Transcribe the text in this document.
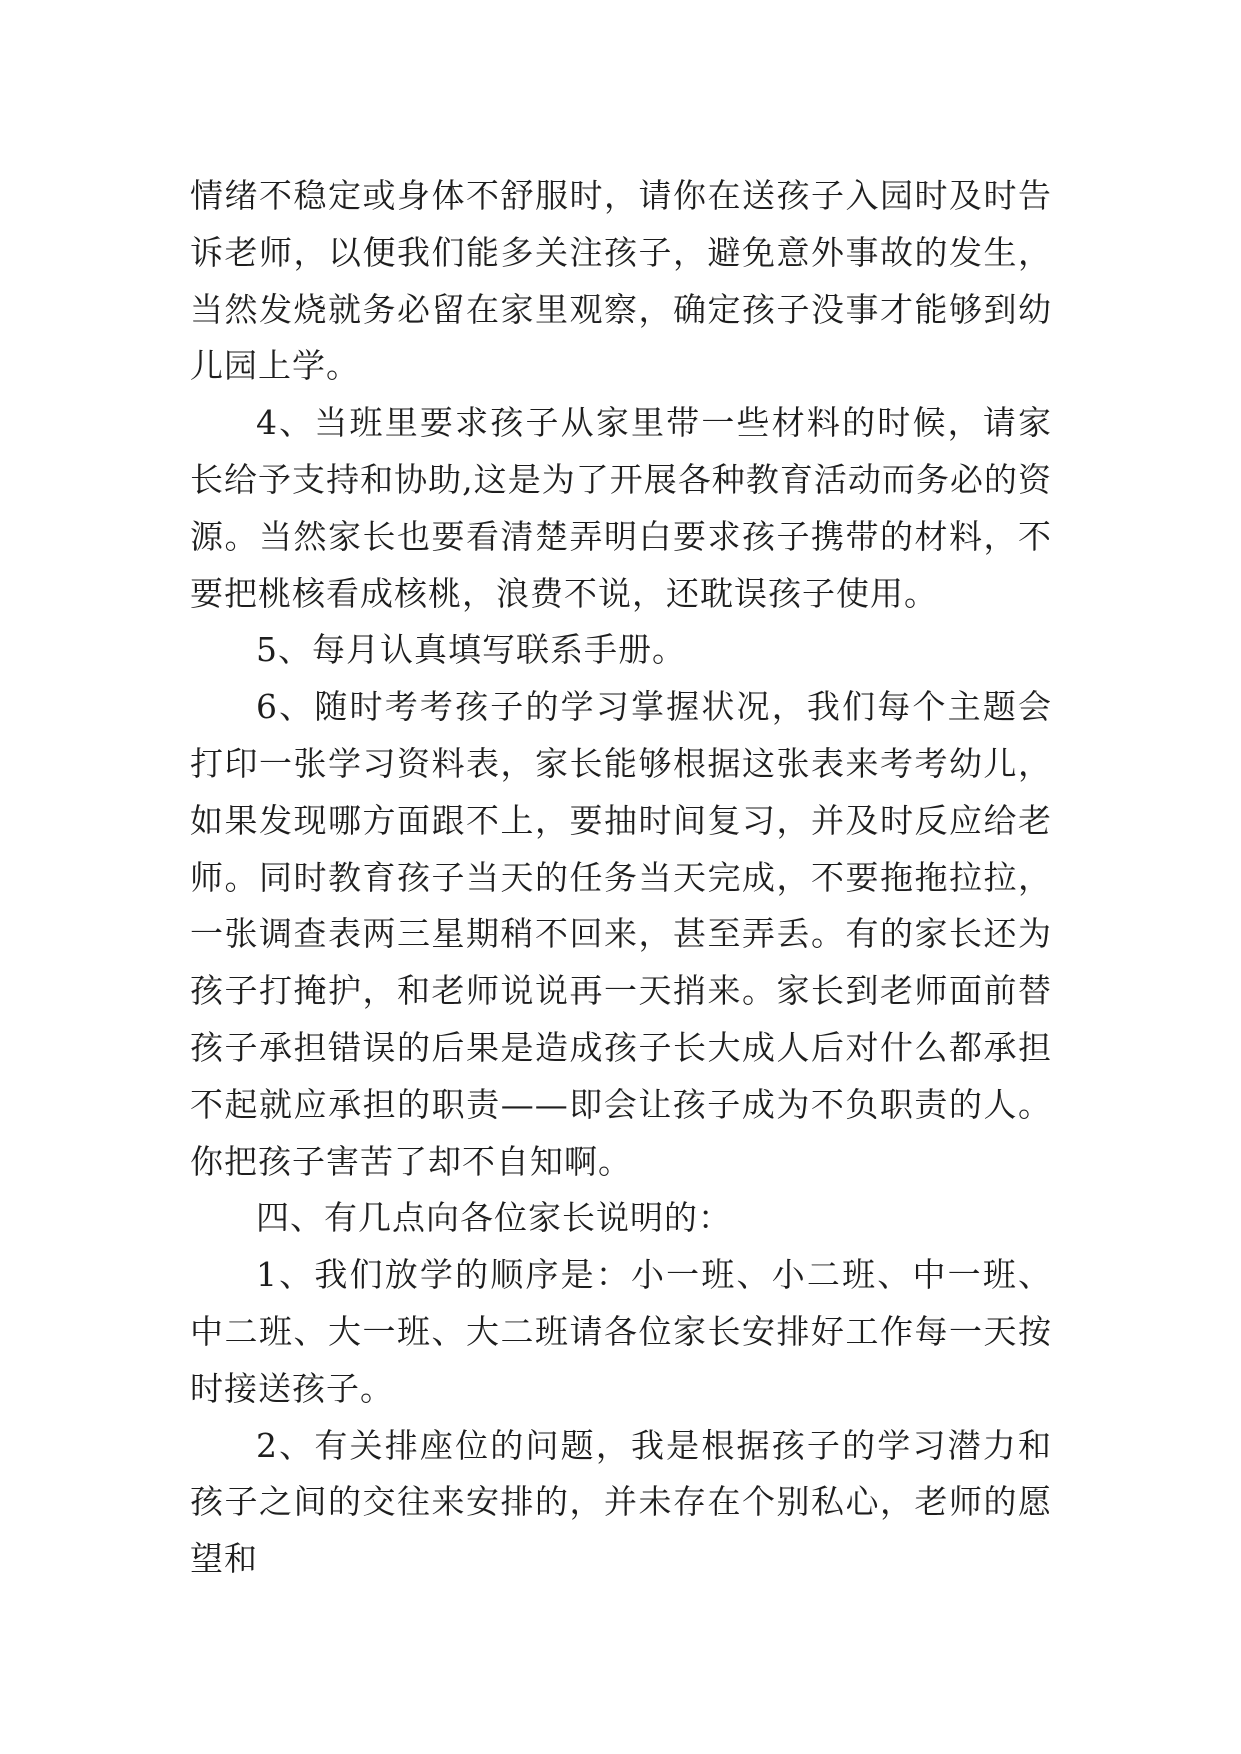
情绪不稳定或身体不舒服时，请你在送孩子入园时及时告诉老师，以便我们能多关注孩子，避免意外事故的发生，当然发烧就务必留在家里观察，确定孩子没事才能够到幼儿园上学。

4、当班里要求孩子从家里带一些材料的时候，请家长给予支持和协助,这是为了开展各种教育活动而务必的资源。当然家长也要看清楚弄明白要求孩子携带的材料，不要把桃核看成核桃，浪费不说，还耽误孩子使用。

5、每月认真填写联系手册。

6、随时考考孩子的学习掌握状况，我们每个主题会打印一张学习资料表，家长能够根据这张表来考考幼儿，如果发现哪方面跟不上，要抽时间复习，并及时反应给老师。同时教育孩子当天的任务当天完成，不要拖拖拉拉，一张调查表两三星期稍不回来，甚至弄丢。有的家长还为孩子打掩护，和老师说说再一天捎来。家长到老师面前替孩子承担错误的后果是造成孩子长大成人后对什么都承担不起就应承担的职责——即会让孩子成为不负职责的人。你把孩子害苦了却不自知啊。

四、有几点向各位家长说明的：

1、我们放学的顺序是：小一班、小二班、中一班、中二班、大一班、大二班请各位家长安排好工作每一天按时接送孩子。

2、有关排座位的问题，我是根据孩子的学习潜力和孩子之间的交往来安排的，并未存在个别私心，老师的愿望和
